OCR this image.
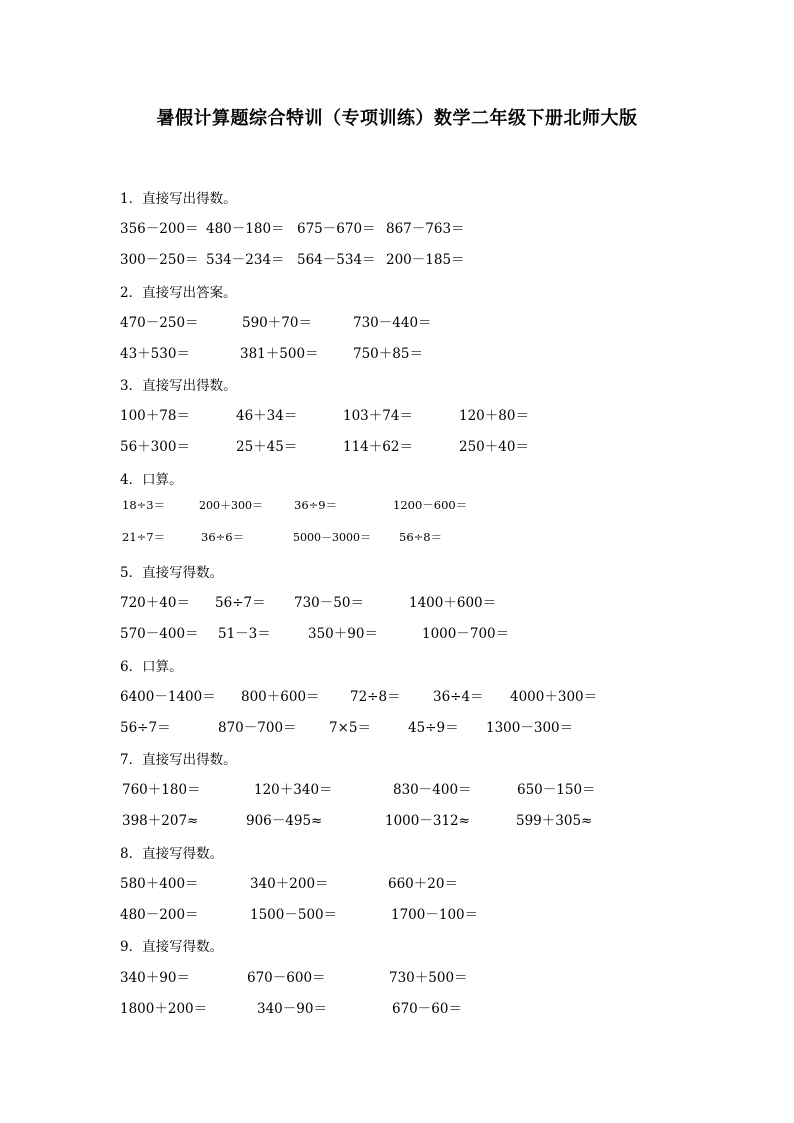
暑假计算题综合特训（专项训练）数学二年级下册北师大版
1．直接写出得数。
356－200＝ 480－180＝ 675－670＝ 867－763＝
300－250＝ 534－234＝ 564－534＝ 200－185＝
2．直接写出答案。
470－250＝	590＋70＝	730－440＝
43＋530＝	381＋500＝	750＋85＝
3．直接写出得数。
100＋78＝	46＋34＝	103＋74＝	120＋80＝
56＋300＝	25＋45＝	114＋62＝	250＋40＝
4．口算。
18÷3＝	200＋300＝	36÷9＝	1200－600＝
21÷7＝	36÷6＝	5000－3000＝ 56÷8＝
5．直接写得数。
720＋40＝ 56÷7＝ 730－50＝	1400＋600＝
570－400＝ 51－3＝	350＋90＝	1000－700＝
6．口算。
6400－1400＝ 800＋600＝ 72÷8＝ 36÷4＝ 4000＋300＝
56÷7＝	870－700＝ 7×5＝	45÷9＝ 1300－300＝
7．直接写出得数。
760＋180＝	120＋340＝	830－400＝	650－150＝
398＋207≈	906－495≈	1000－312≈	599＋305≈
8．直接写得数。
580＋400＝	340＋200＝	660＋20＝
480－200＝	1500－500＝	1700－100＝
9．直接写得数。
340＋90＝	670－600＝	730＋500＝
1800＋200＝	340－90＝	670－60＝
